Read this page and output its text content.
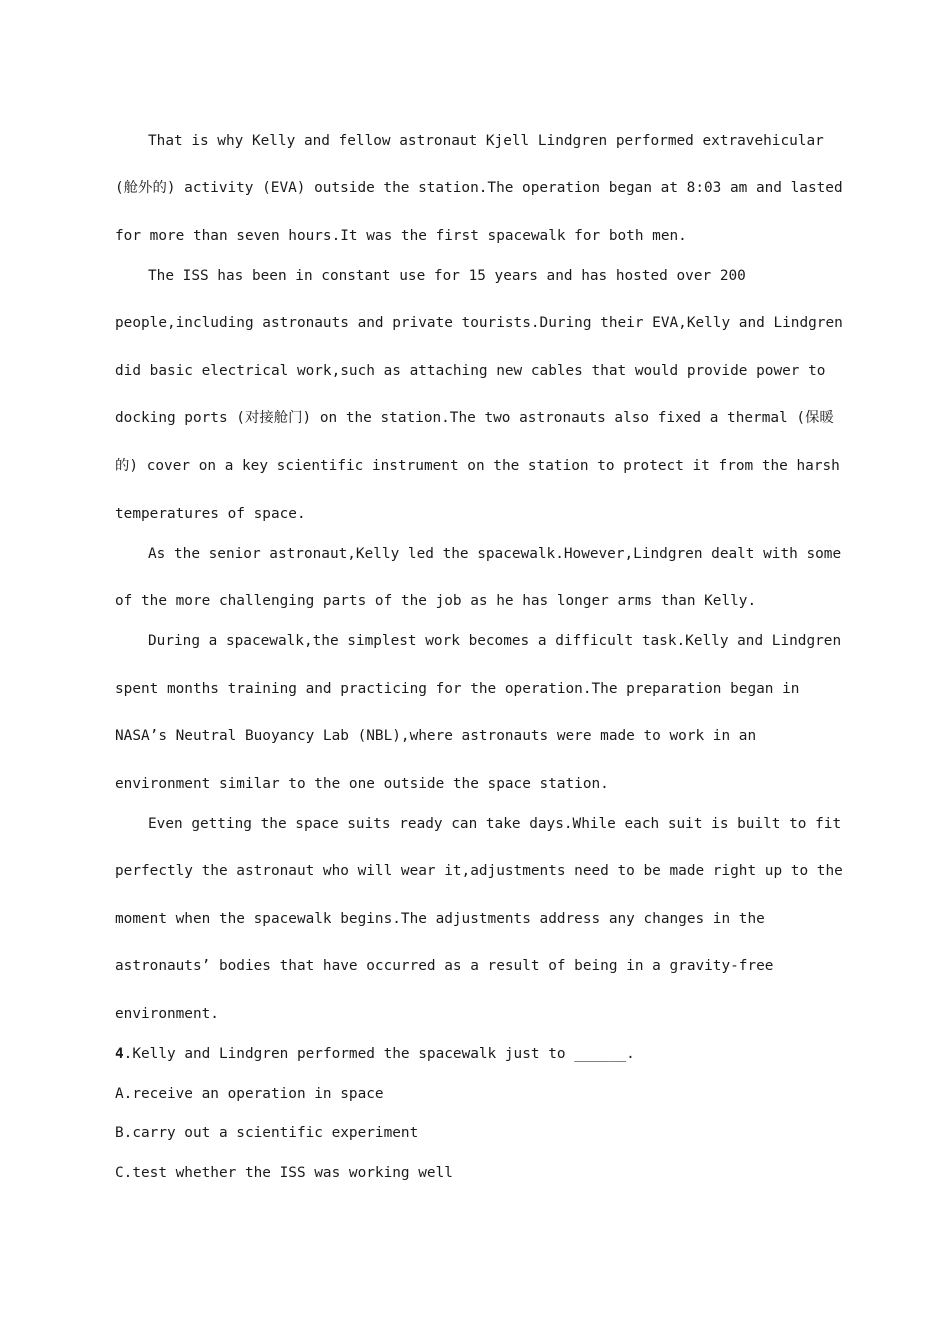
That is why Kelly and fellow astronaut Kjell Lindgren performed extravehicular
(舱外的) activity (EVA) outside the station.The operation began at 8:03 am and lasted
for more than seven hours.It was the first spacewalk for both men.
The ISS has been in constant use for 15 years and has hosted over 200
people,including astronauts and private tourists.During their EVA,Kelly and Lindgren
did basic electrical work,such as attaching new cables that would provide power to
docking ports (对接舱门) on the station.The two astronauts also fixed a thermal (保暖
的) cover on a key scientific instrument on the station to protect it from the harsh
temperatures of space.
As the senior astronaut,Kelly led the spacewalk.However,Lindgren dealt with some
of the more challenging parts of the job as he has longer arms than Kelly.
During a spacewalk,the simplest work becomes a difficult task.Kelly and Lindgren
spent months training and practicing for the operation.The preparation began in
NASA’s Neutral Buoyancy Lab (NBL),where astronauts were made to work in an
environment similar to the one outside the space station.
Even getting the space suits ready can take days.While each suit is built to fit
perfectly the astronaut who will wear it,adjustments need to be made right up to the
moment when the spacewalk begins.The adjustments address any changes in the
astronauts’ bodies that have occurred as a result of being in a gravity-free
environment.
4.Kelly and Lindgren performed the spacewalk just to ______.
A.receive an operation in space
B.carry out a scientific experiment
C.test whether the ISS was working well
